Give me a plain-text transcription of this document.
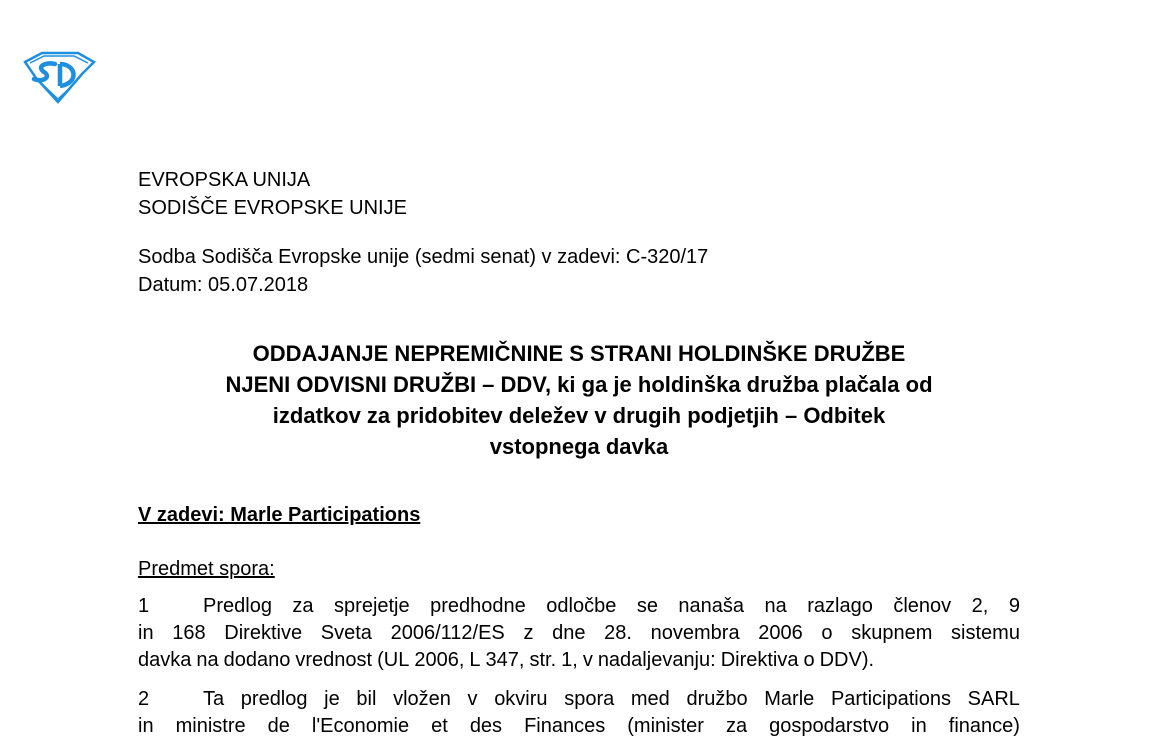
EVROPSKA UNIJA
SODIŠČE EVROPSKE UNIJE
Sodba Sodišča Evropske unije (sedmi senat) v zadevi: C-320/17
Datum: 05.07.2018
ODDAJANJE NEPREMIČNINE S STRANI HOLDINŠKE DRUŽBE
NJENI ODVISNI DRUŽBI – DDV, ki ga je holdinška družba plačala od
izdatkov za pridobitev deležev v drugih podjetjih – Odbitek
vstopnega davka
V zadevi: Marle Participations
Predmet spora:
1	Predlog za sprejetje predhodne odločbe se nanaša na razlago členov 2, 9
in 168 Direktive Sveta 2006/112/ES z dne 28. novembra 2006 o skupnem sistemu
davka na dodano vrednost (UL 2006, L 347, str. 1, v nadaljevanju: Direktiva o DDV).
2	Ta predlog je bil vložen v okviru spora med družbo Marle Participations SARL
in ministre de l'Economie et des Finances (minister za gospodarstvo in finance)
